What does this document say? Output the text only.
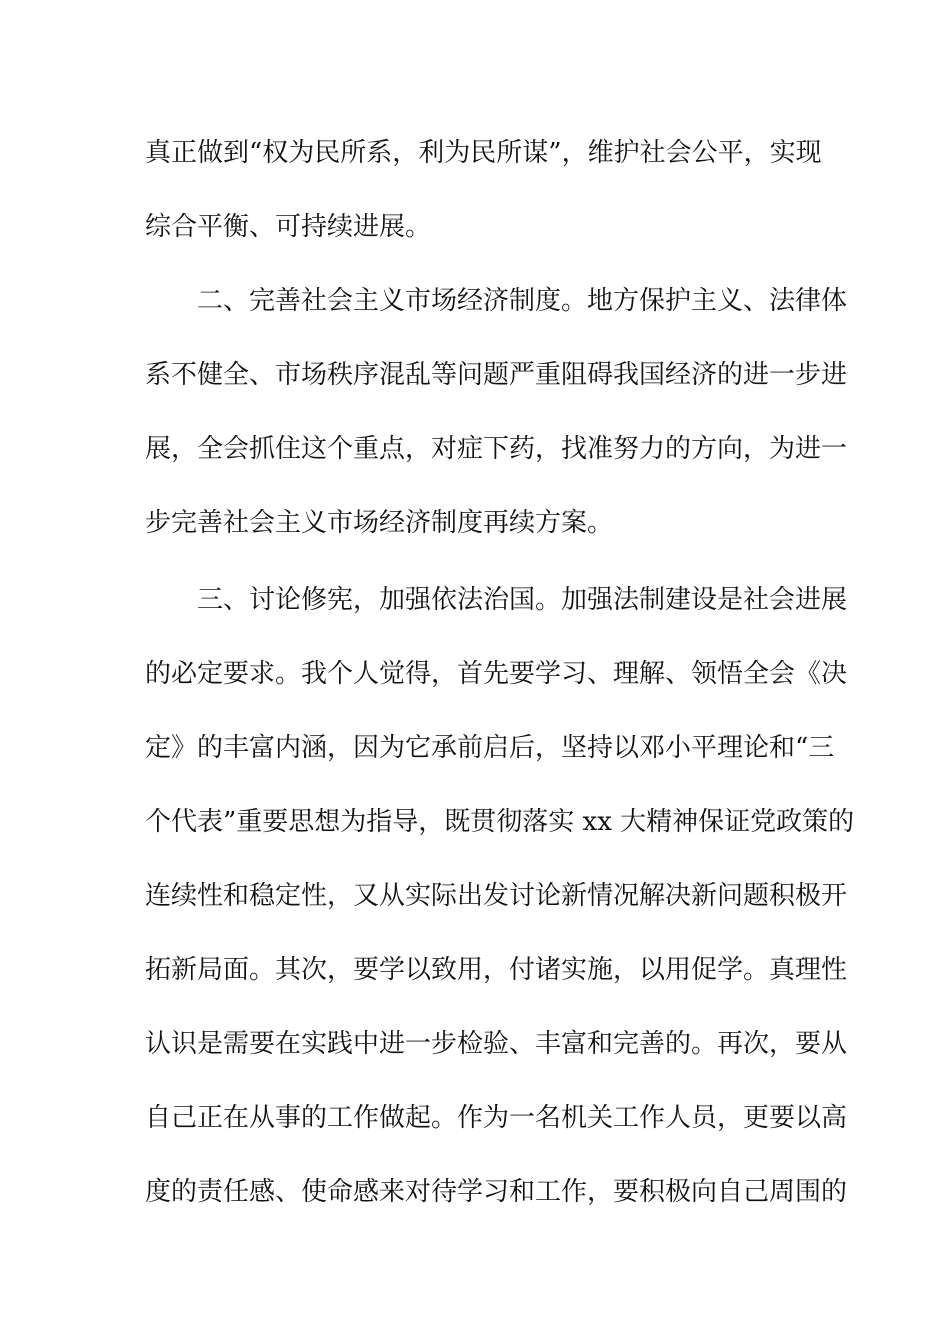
真正做到“权为民所系，利为民所谋”，维护社会公平，实现
综合平衡、可持续进展。
二、完善社会主义市场经济制度。地方保护主义、法律体
系不健全、市场秩序混乱等问题严重阻碍我国经济的进一步进
展，全会抓住这个重点，对症下药，找准努力的方向，为进一
步完善社会主义市场经济制度再续方案。
三、讨论修宪，加强依法治国。加强法制建设是社会进展
的必定要求。我个人觉得，首先要学习、理解、领悟全会《决
定》的丰富内涵，因为它承前启后，坚持以邓小平理论和“三
个代表”重要思想为指导，既贯彻落实 xx 大精神保证党政策的
连续性和稳定性，又从实际出发讨论新情况解决新问题积极开
拓新局面。其次，要学以致用，付诸实施，以用促学。真理性
认识是需要在实践中进一步检验、丰富和完善的。再次，要从
自己正在从事的工作做起。作为一名机关工作人员，更要以高
度的责任感、使命感来对待学习和工作，要积极向自己周围的
